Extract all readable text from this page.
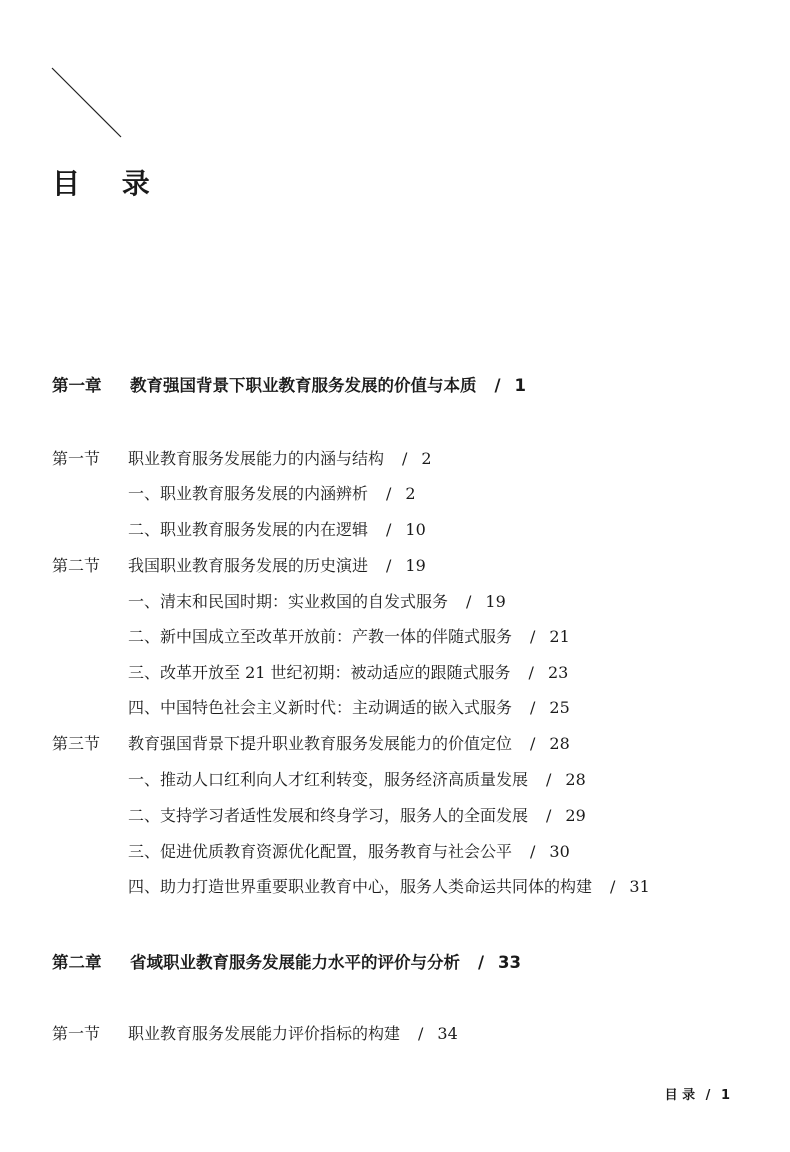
目 录
第一章 教育强国背景下职业教育服务发展的价值与本质 / 1
第一节 职业教育服务发展能力的内涵与结构 / 2
一、职业教育服务发展的内涵辨析 / 2
二、职业教育服务发展的内在逻辑 / 10
第二节 我国职业教育服务发展的历史演进 / 19
一、清末和民国时期：实业救国的自发式服务 / 19
二、新中国成立至改革开放前：产教一体的伴随式服务 / 21
三、改革开放至 21 世纪初期：被动适应的跟随式服务 / 23
四、中国特色社会主义新时代：主动调适的嵌入式服务 / 25
第三节 教育强国背景下提升职业教育服务发展能力的价值定位 / 28
一、推动人口红利向人才红利转变，服务经济高质量发展 / 28
二、支持学习者适性发展和终身学习，服务人的全面发展 / 29
三、促进优质教育资源优化配置，服务教育与社会公平 / 30
四、助力打造世界重要职业教育中心，服务人类命运共同体的构建 / 31
第二章 省域职业教育服务发展能力水平的评价与分析 / 33
第一节 职业教育服务发展能力评价指标的构建 / 34
目 录 / 1
